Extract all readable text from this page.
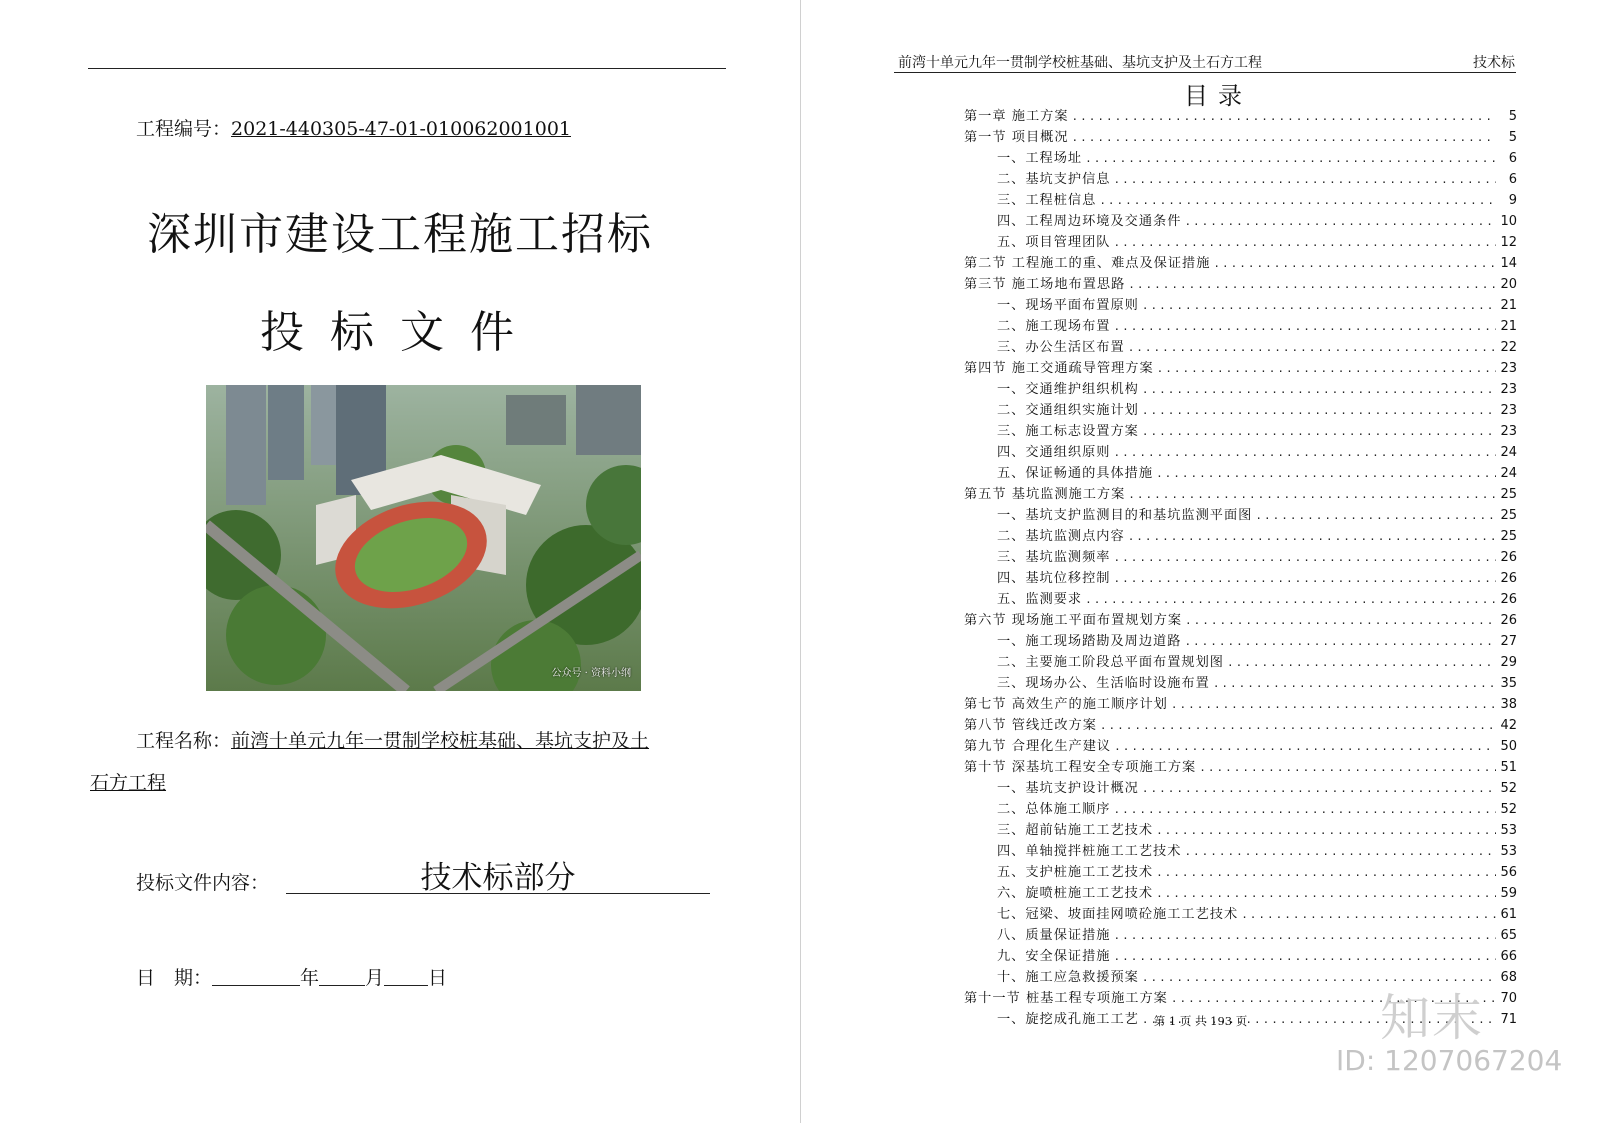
工程编号：2021-440305-47-01-010062001001
深圳市建设工程施工招标
投标文件
公众号 · 资料小纲
工程名称：前湾十单元九年一贯制学校桩基础、基坑支护及土
石方工程
投标文件内容：	技术标部分
日　期：	年 月 日
前湾十单元九年一贯制学校桩基础、基坑支护及土石方工程	技术标
目录
第一章 施工方案 .....	5
第一节 项目概况 .....	5
一、工程场址 .....	6
二、基坑支护信息 .....	6
三、工程桩信息 .....	9
四、工程周边环境及交通条件 .....	10
五、项目管理团队 .....	12
第二节 工程施工的重、难点及保证措施 .....	14
第三节 施工场地布置思路 .....	20
一、现场平面布置原则 .....	21
二、施工现场布置 .....	21
三、办公生活区布置 .....	22
第四节 施工交通疏导管理方案 .....	23
一、交通维护组织机构 .....	23
二、交通组织实施计划 .....	23
三、施工标志设置方案 .....	23
四、交通组织原则 .....	24
五、保证畅通的具体措施 .....	24
第五节 基坑监测施工方案 .....	25
一、基坑支护监测目的和基坑监测平面图 .....	25
二、基坑监测点内容 .....	25
三、基坑监测频率 .....	26
四、基坑位移控制 .....	26
五、监测要求 .....	26
第六节 现场施工平面布置规划方案 .....	26
一、施工现场踏勘及周边道路 .....	27
二、主要施工阶段总平面布置规划图 .....	29
三、现场办公、生活临时设施布置 .....	35
第七节 高效生产的施工顺序计划 .....	38
第八节 管线迁改方案 .....	42
第九节 合理化生产建议 .....	50
第十节 深基坑工程安全专项施工方案 .....	51
一、基坑支护设计概况 .....	52
二、总体施工顺序 .....	52
三、超前钻施工工艺技术 .....	53
四、单轴搅拌桩施工工艺技术 .....	53
五、支护桩施工工艺技术 .....	56
六、旋喷桩施工工艺技术 .....	59
七、冠梁、坡面挂网喷砼施工工艺技术 .....	61
八、质量保证措施 .....	65
九、安全保证措施 .....	66
十、施工应急救援预案 .....	68
第十一节 桩基工程专项施工方案 .....	70
一、旋挖成孔施工工艺 .....	71
第 1 页 共 193 页	知末
ID: 1207067204
